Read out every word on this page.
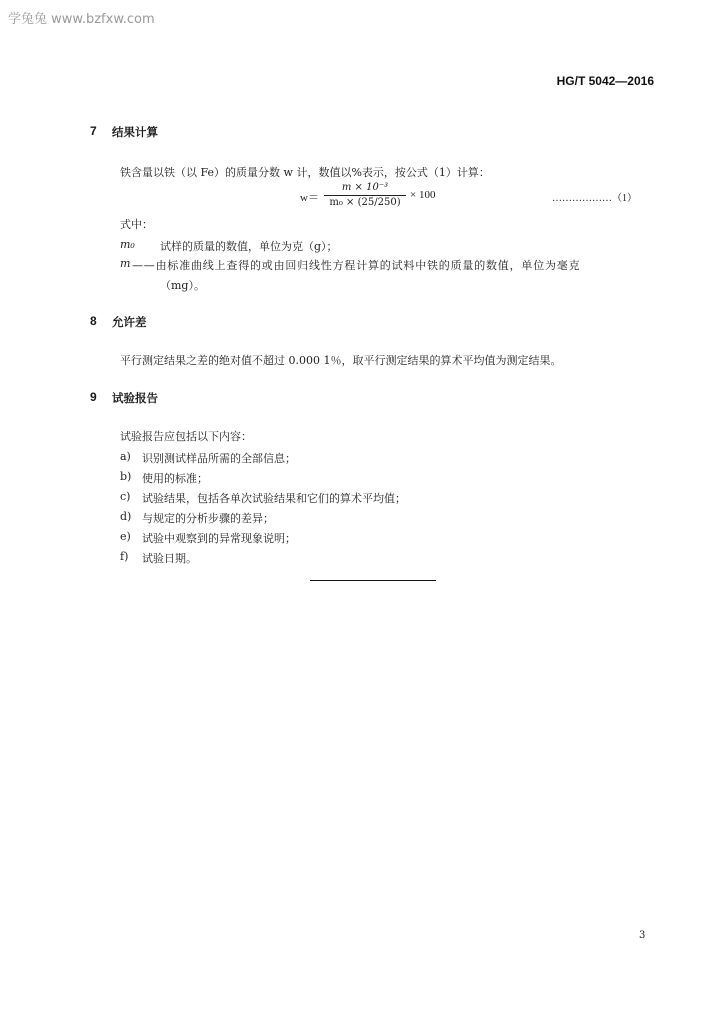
学兔兔 www.bzfxw.com
HG/T 5042—2016
7 结果计算
铁含量以铁（以 Fe）的质量分数 w 计，数值以%表示，按公式（1）计算：
w＝
m × 10⁻³
m₀ × (25/250)
× 100	………………（1）
式中：
m₀ 试样的质量的数值，单位为克（g）；
m ——由标准曲线上查得的或由回归线性方程计算的试料中铁的质量的数值，单位为毫克
（mg）。
8 允许差
平行测定结果之差的绝对值不超过 0.000 1％，取平行测定结果的算术平均值为测定结果。
9 试验报告
试验报告应包括以下内容：
a) 识别测试样品所需的全部信息；
b) 使用的标准；
c) 试验结果，包括各单次试验结果和它们的算术平均值；
d) 与规定的分析步骤的差异；
e) 试验中观察到的异常现象说明；
f) 试验日期。
3
